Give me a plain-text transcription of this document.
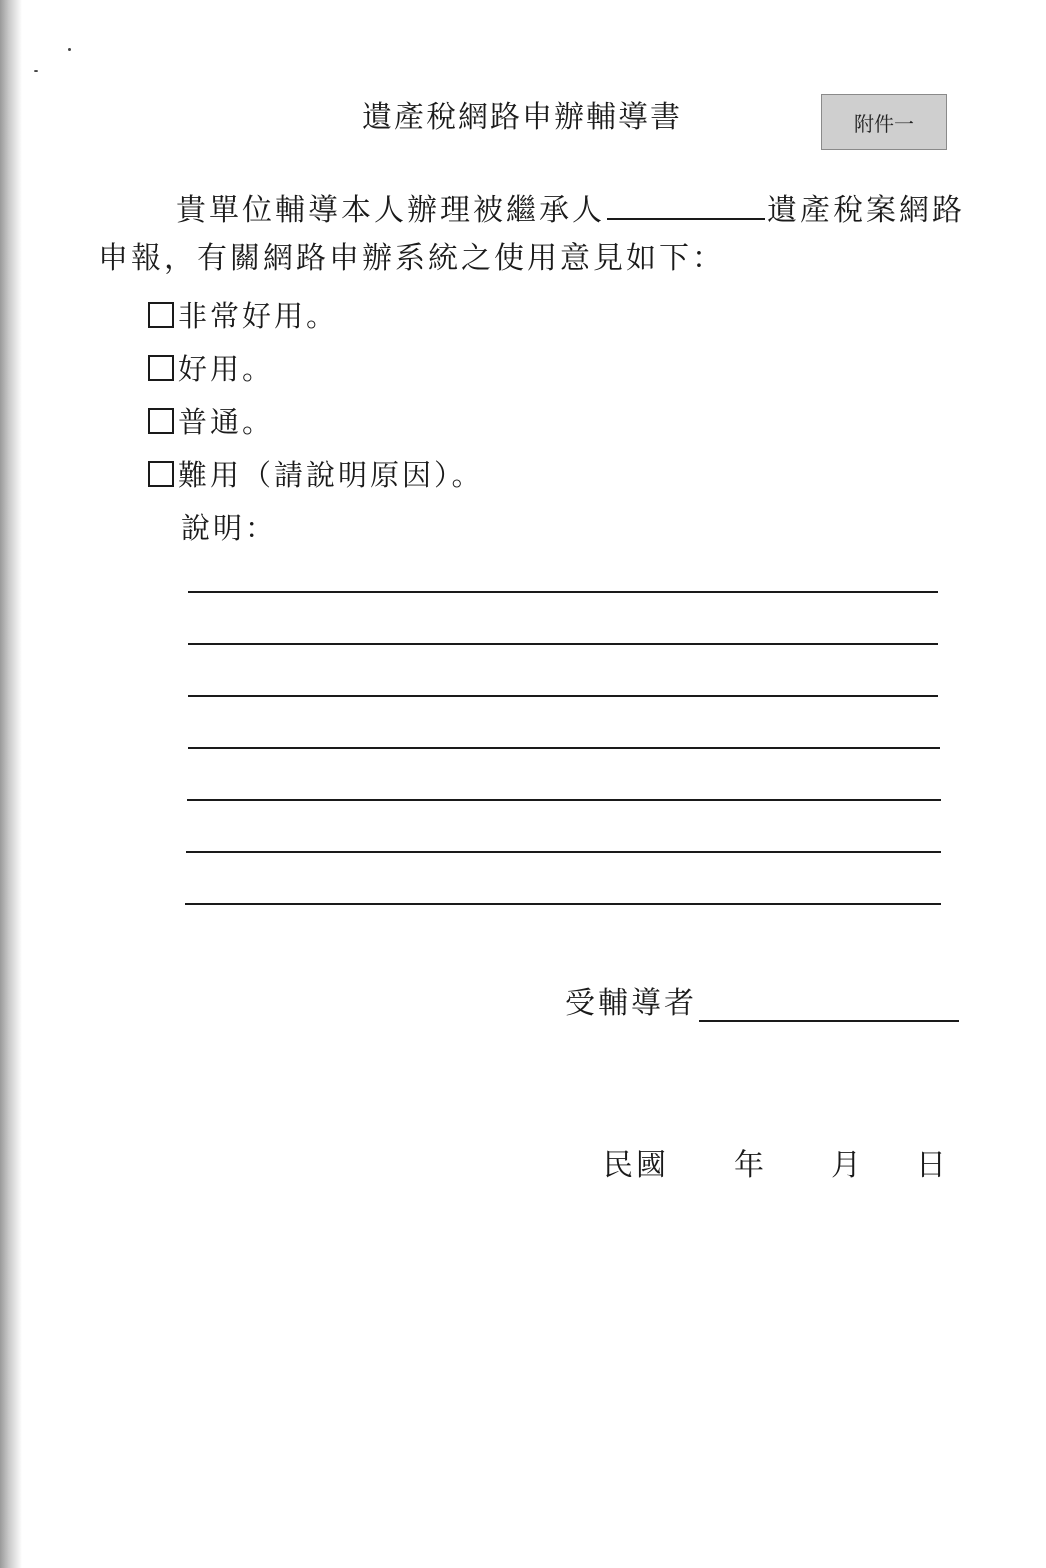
遺產稅網路申辦輔導書	附件一
貴單位輔導本人辦理被繼承人	遺產稅案網路
申報，有關網路申辦系統之使用意見如下：
非常好用。
好用。
普通。
難用（請說明原因）。
說明：
受輔導者
民國 年 月 日
